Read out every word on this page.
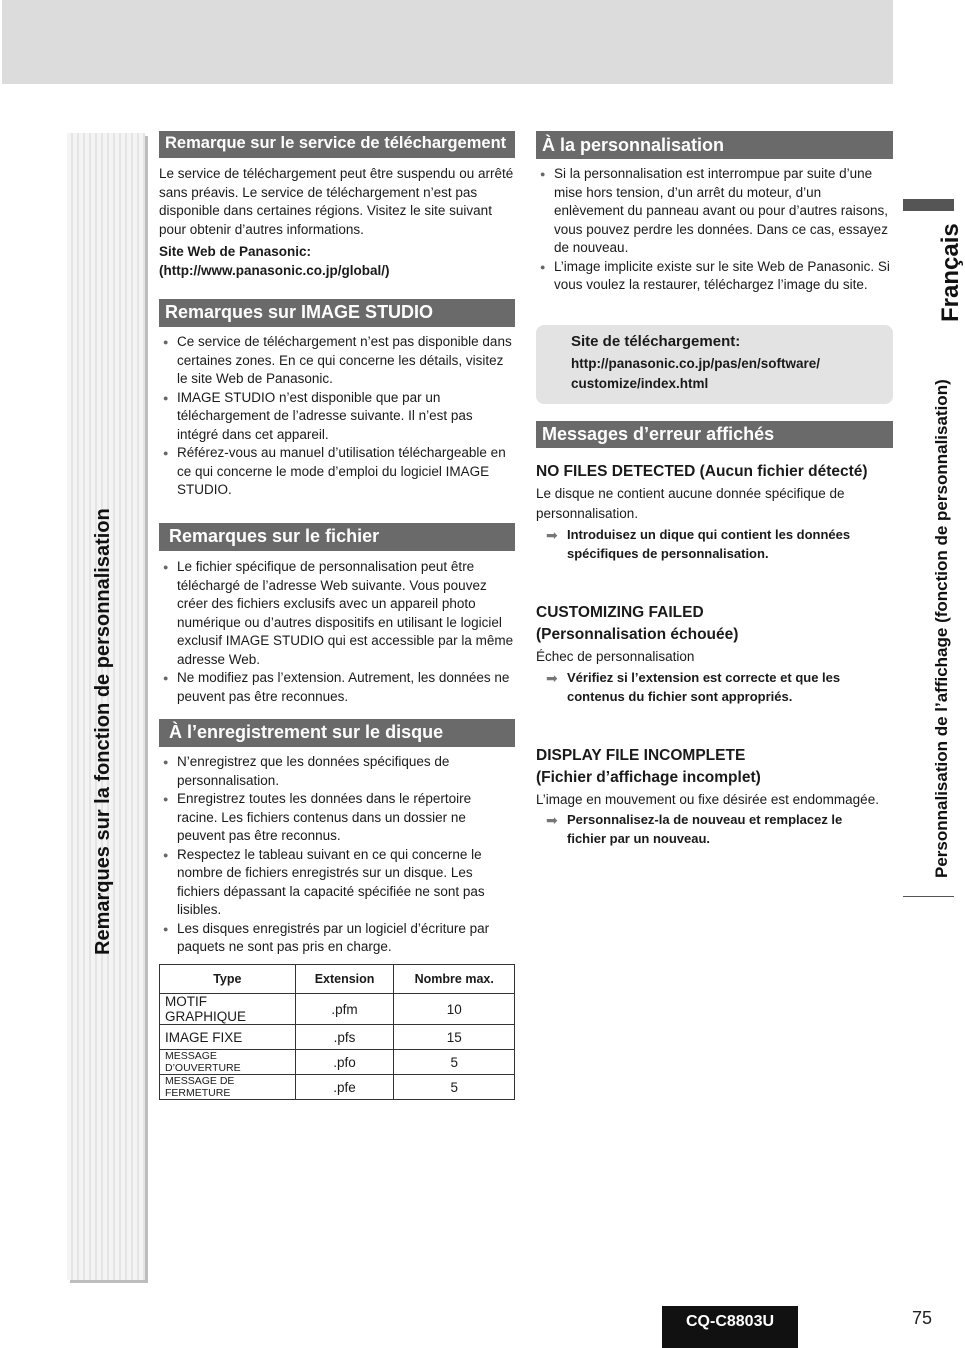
Remarques sur la fonction de personnalisation
Français
Personnalisation de l’affichage (fonction de personnalisation)
Remarque sur le service de téléchargement

Le service de téléchargement peut être suspendu ou arrêté sans préavis. Le service de téléchargement n’est pas disponible dans certaines régions. Visitez le site suivant pour obtenir d’autres informations.

Site Web de Panasonic:

(http://www.panasonic.co.jp/global/)

Remarques sur IMAGE STUDIO
● Ce service de téléchargement n’est pas disponible dans certaines zones. En ce qui concerne les détails, visitez le site Web de Panasonic.
● IMAGE STUDIO n’est disponible que par un téléchargement de l’adresse suivante. Il n’est pas intégré dans cet appareil.
● Référez-vous au manuel d’utilisation téléchargeable en ce qui concerne le mode d’emploi du logiciel IMAGE STUDIO.
Remarques sur le fichier
● Le fichier spécifique de personnalisation peut être téléchargé de l’adresse Web suivante. Vous pouvez créer des fichiers exclusifs avec un appareil photo numérique ou d’autres dispositifs en utilisant le logiciel exclusif IMAGE STUDIO qui est accessible par la même adresse Web.
● Ne modifiez pas l’extension. Autrement, les données ne peuvent pas être reconnues.
À l’enregistrement sur le disque
● N’enregistrez que les données spécifiques de personnalisation.
● Enregistrez toutes les données dans le répertoire racine. Les fichiers contenus dans un dossier ne peuvent pas être reconnus.
● Respectez le tableau suivant en ce qui concerne le nombre de fichiers enregistrés sur un disque. Les fichiers dépassant la capacité spécifiée ne sont pas lisibles.
● Les disques enregistrés par un logiciel d’écriture par paquets ne sont pas pris en charge.
Type	Extension	Nombre max.
MOTIF GRAPHIQUE	.pfm	10
IMAGE FIXE	.pfs	15
MESSAGE D’OUVERTURE	.pfo	5
MESSAGE DE FERMETURE	.pfe	5
À la personnalisation
● Si la personnalisation est interrompue par suite d’une mise hors tension, d’un arrêt du moteur, d’un enlèvement du panneau avant ou pour d’autres raisons, vous pouvez perdre les données. Dans ce cas, essayez de nouveau.
● L’image implicite existe sur le site Web de Panasonic. Si vous voulez la restaurer, téléchargez l’image du site.

Site de téléchargement:

http://panasonic.co.jp/pas/en/software/

customize/index.html

Messages d’erreur affichés
NO FILES DETECTED (Aucun fichier détecté)
Le disque ne contient aucune donnée spécifique de personnalisation.
➡ Introduisez un dique qui contient les données spécifiques de personnalisation.
CUSTOMIZING FAILED
(Personnalisation échouée)
Échec de personnalisation
➡ Vérifiez si l’extension est correcte et que les contenus du fichier sont appropriés.
DISPLAY FILE INCOMPLETE
(Fichier d’affichage incomplet)
L’image en mouvement ou fixe désirée est endommagée.
➡ Personnalisez-la de nouveau et remplacez le fichier par un nouveau.
CQ-C8803U	75
